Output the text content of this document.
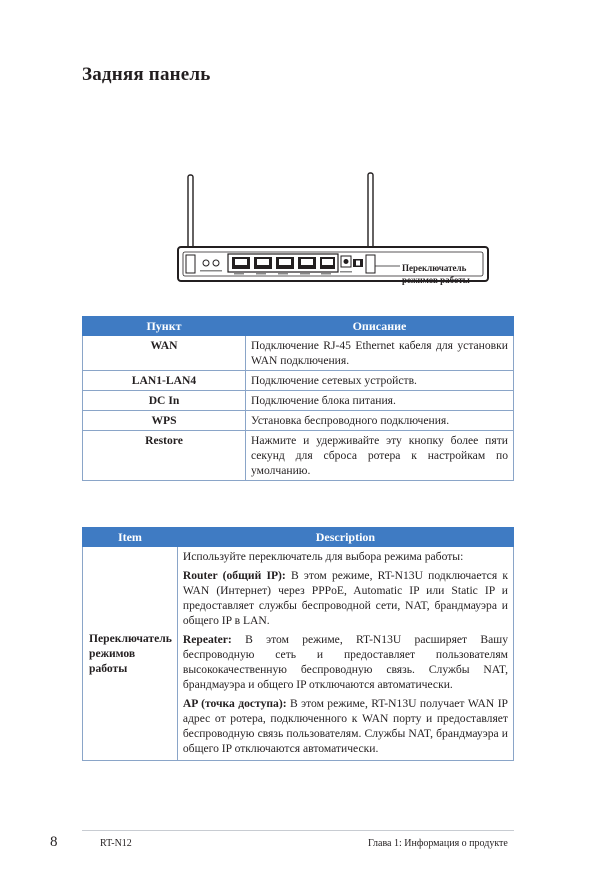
Задняя панель
Переключатель
режимов работы
Пункт	Описание
WAN	Подключение RJ-45 Ethernet кабеля для установки WAN подключения.
LAN1-LAN4	Подключение сетевых устройств.
DC In	Подключение блока питания.
WPS	Установка беспроводного подключения.
Restore	Нажмите и удерживайте эту кнопку более пяти секунд для сброса ротера к настройкам по умолчанию.
Item	Description
Переключатель режимов работы	Используйте переключатель для выбора режима работы:

Router (общий IP): В этом режиме, RT-N13U подключается к WAN (Интернет) через PPPoE, Automatic IP или Static IP и предоставляет службы беспроводной сети, NAT, брандмауэра и общего IP в LAN.

Repeater: В этом режиме, RT-N13U расширяет Вашу беспроводную сеть и предоставляет пользователям высококачественную беспроводную связь. Службы NAT, брандмауэра и общего IP отключаются автоматически.

AP (точка доступа): В этом режиме, RT-N13U получает WAN IP адрес от ротера, подключенного к WAN порту и предоставляет беспроводную связь пользователям. Службы NAT, брандмауэра и общего IP отключаются автоматически.

8	RT-N12	Глава 1: Информация о продукте
